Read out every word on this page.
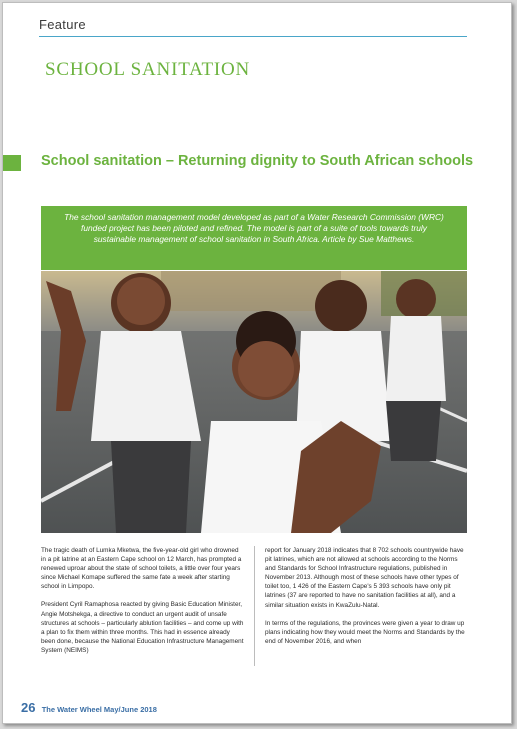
Feature
SCHOOL SANITATION
School sanitation – Returning dignity to South African schools
The school sanitation management model developed as part of a Water Research Commission (WRC) funded project has been piloted and refined. The model is part of a suite of tools towards truly sustainable management of school sanitation in South Africa. Article by Sue Matthews.

The tragic death of Lumka Mketwa, the five-year-old girl who drowned in a pit latrine at an Eastern Cape school on 12 March, has prompted a renewed uproar about the state of school toilets, a little over four years since Michael Komape suffered the same fate a week after starting school in Limpopo.

President Cyril Ramaphosa reacted by giving Basic Education Minister, Angie Motshekga, a directive to conduct an urgent audit of unsafe structures at schools – particularly ablution facilities – and come up with a plan to fix them within three months. This had in essence already been done, because the National Education Infrastructure Management System (NEIMS)

report for January 2018 indicates that 8 702 schools countrywide have pit latrines, which are not allowed at schools according to the Norms and Standards for School Infrastructure regulations, published in November 2013. Although most of these schools have other types of toilet too, 1 426 of the Eastern Cape's 5 393 schools have only pit latrines (37 are reported to have no sanitation facilities at all), and a similar situation exists in KwaZulu-Natal.

In terms of the regulations, the provinces were given a year to draw up plans indicating how they would meet the Norms and Standards by the end of November 2016, and when

26 The Water Wheel May/June 2018
